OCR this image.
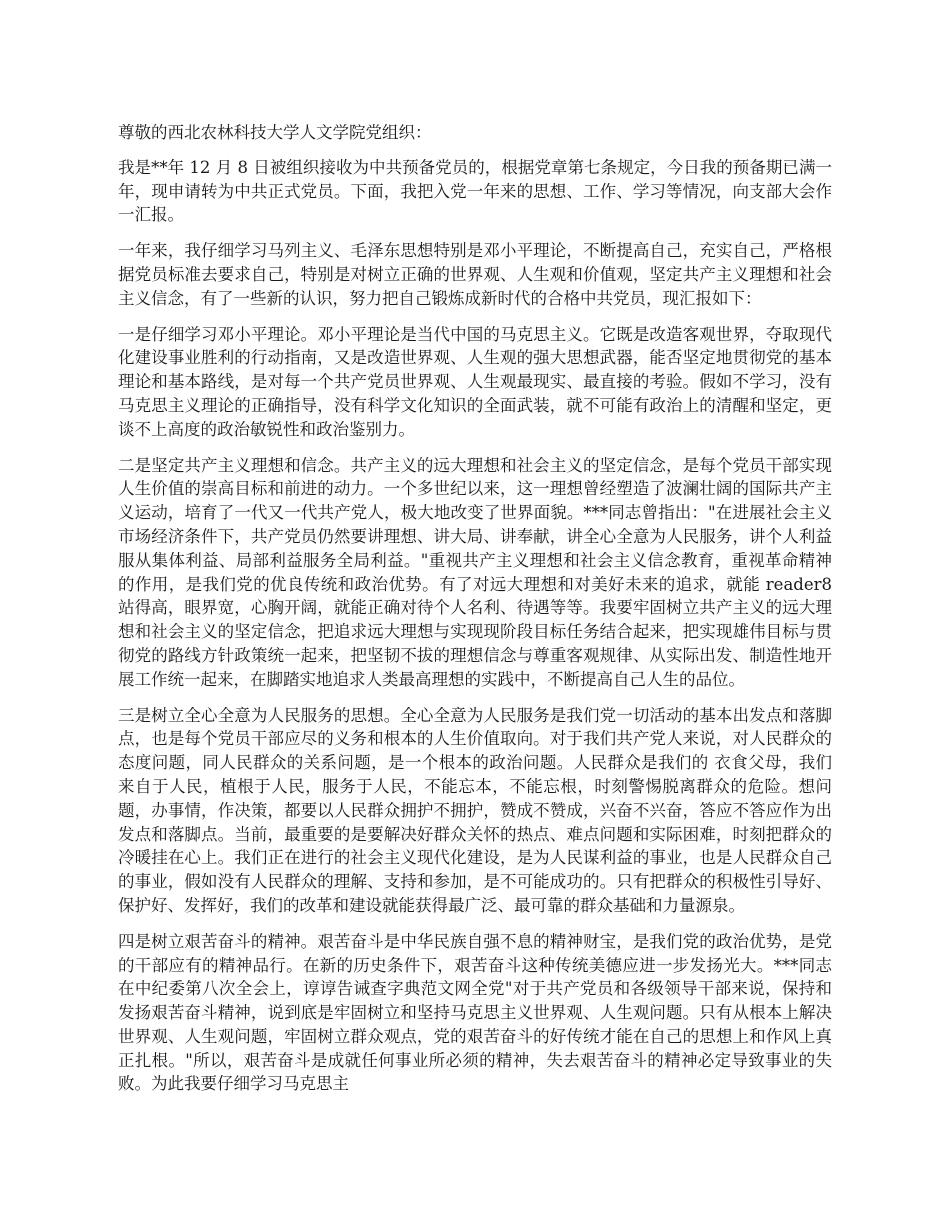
尊敬的西北农林科技大学人文学院党组织：

我是**年 12 月 8 日被组织接收为中共预备党员的，根据党章第七条规定，今日我的预备期已满一年，现申请转为中共正式党员。下面，我把入党一年来的思想、工作、学习等情况，向支部大会作一汇报。

一年来，我仔细学习马列主义、毛泽东思想特别是邓小平理论，不断提高自己，充实自己，严格根据党员标准去要求自己，特别是对树立正确的世界观、人生观和价值观，坚定共产主义理想和社会主义信念，有了一些新的认识，努力把自己锻炼成新时代的合格中共党员，现汇报如下：

一是仔细学习邓小平理论。邓小平理论是当代中国的马克思主义。它既是改造客观世界，夺取现代化建设事业胜利的行动指南，又是改造世界观、人生观的强大思想武器，能否坚定地贯彻党的基本理论和基本路线，是对每一个共产党员世界观、人生观最现实、最直接的考验。假如不学习，没有马克思主义理论的正确指导，没有科学文化知识的全面武装，就不可能有政治上的清醒和坚定，更谈不上高度的政治敏锐性和政治鉴别力。

二是坚定共产主义理想和信念。共产主义的远大理想和社会主义的坚定信念，是每个党员干部实现人生价值的崇高目标和前进的动力。一个多世纪以来，这一理想曾经塑造了波澜壮阔的国际共产主义运动，培育了一代又一代共产党人，极大地改变了世界面貌。***同志曾指出："在进展社会主义市场经济条件下，共产党员仍然要讲理想、讲大局、讲奉献，讲全心全意为人民服务，讲个人利益服从集体利益、局部利益服务全局利益。"重视共产主义理想和社会主义信念教育，重视革命精神的作用，是我们党的优良传统和政治优势。有了对远大理想和对美好未来的追求，就能 reader8 站得高，眼界宽，心胸开阔，就能正确对待个人名利、待遇等等。我要牢固树立共产主义的远大理想和社会主义的坚定信念，把追求远大理想与实现现阶段目标任务结合起来，把实现雄伟目标与贯彻党的路线方针政策统一起来，把坚韧不拔的理想信念与尊重客观规律、从实际出发、制造性地开展工作统一起来，在脚踏实地追求人类最高理想的实践中，不断提高自己人生的品位。

三是树立全心全意为人民服务的思想。全心全意为人民服务是我们党一切活动的基本出发点和落脚点，也是每个党员干部应尽的义务和根本的人生价值取向。对于我们共产党人来说，对人民群众的态度问题，同人民群众的关系问题，是一个根本的政治问题。人民群众是我们的 衣食父母，我们来自于人民，植根于人民，服务于人民，不能忘本，不能忘根，时刻警惕脱离群众的危险。想问题，办事情，作决策，都要以人民群众拥护不拥护，赞成不赞成，兴奋不兴奋，答应不答应作为出发点和落脚点。当前，最重要的是要解决好群众关怀的热点、难点问题和实际困难，时刻把群众的冷暖挂在心上。我们正在进行的社会主义现代化建设，是为人民谋利益的事业，也是人民群众自己的事业，假如没有人民群众的理解、支持和参加，是不可能成功的。只有把群众的积极性引导好、保护好、发挥好，我们的改革和建设就能获得最广泛、最可靠的群众基础和力量源泉。

四是树立艰苦奋斗的精神。艰苦奋斗是中华民族自强不息的精神财宝，是我们党的政治优势，是党的干部应有的精神品行。在新的历史条件下，艰苦奋斗这种传统美德应进一步发扬光大。***同志在中纪委第八次全会上，谆谆告诫查字典范文网全党"对于共产党员和各级领导干部来说，保持和发扬艰苦奋斗精神，说到底是牢固树立和坚持马克思主义世界观、人生观问题。只有从根本上解决世界观、人生观问题，牢固树立群众观点，党的艰苦奋斗的好传统才能在自己的思想上和作风上真正扎根。"所以，艰苦奋斗是成就任何事业所必须的精神，失去艰苦奋斗的精神必定导致事业的失败。为此我要仔细学习马克思主
